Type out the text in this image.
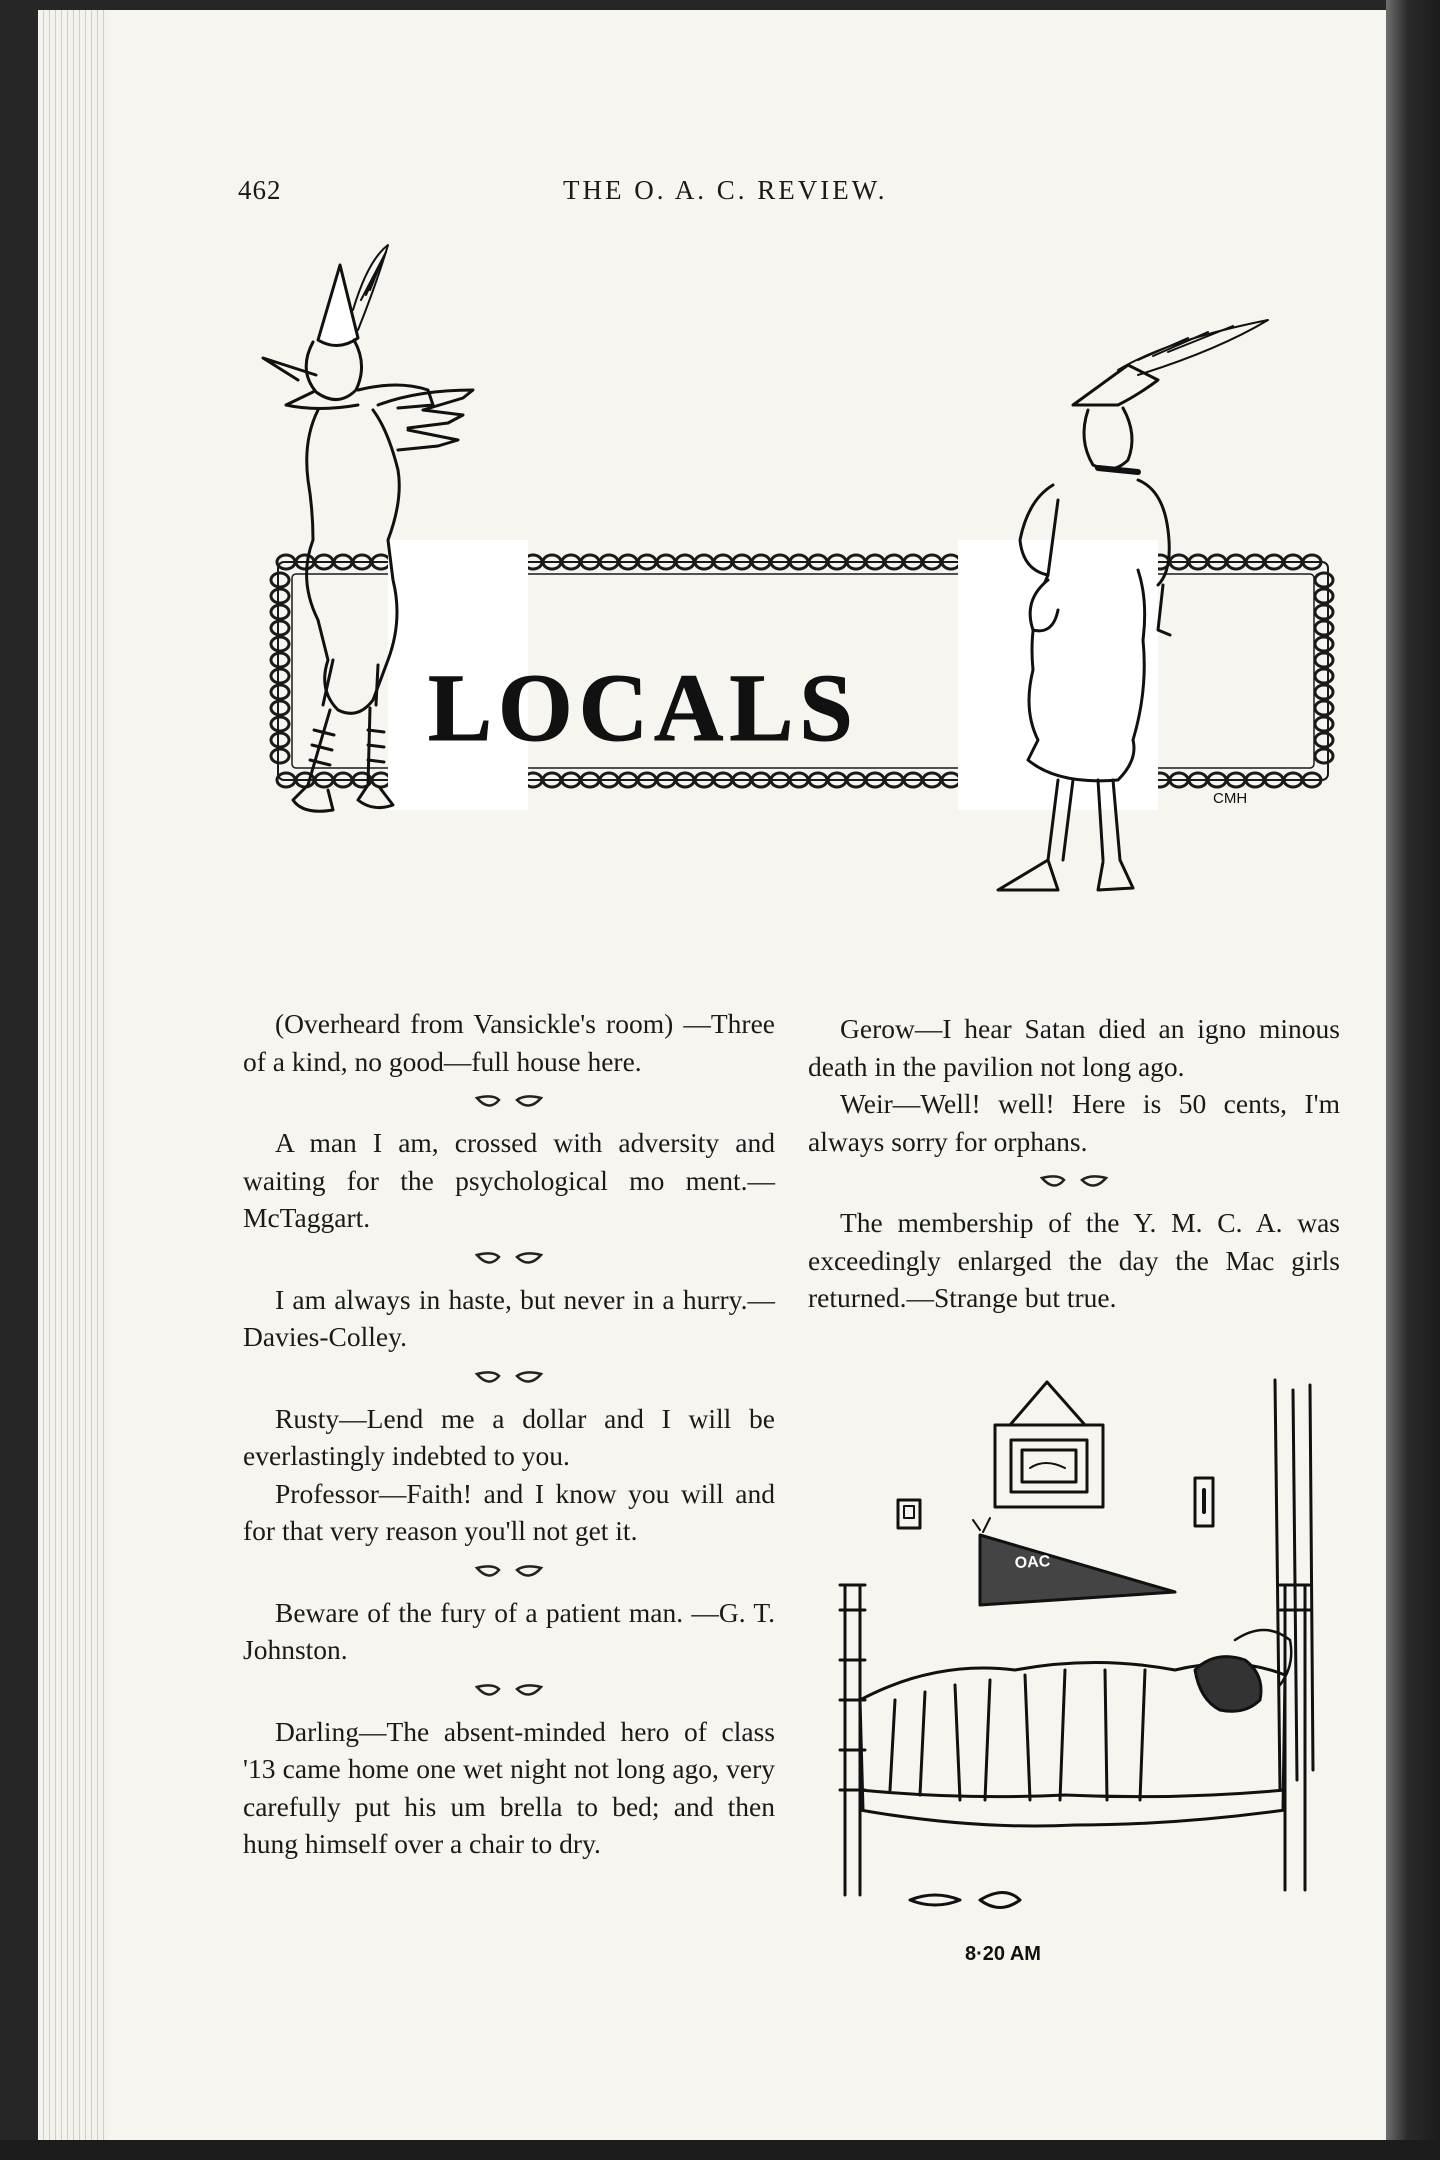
462	THE O. A. C. REVIEW.
LOCALS
CMH

(Overheard from Vansickle's room) —Three of a kind, no good—full house here.

A man I am, crossed with adversity and waiting for the psychological mo ment.—McTaggart.

I am always in haste, but never in a hurry.—Davies-Colley.

Rusty—Lend me a dollar and I will be everlastingly indebted to you.

Professor—Faith! and I know you will and for that very reason you'll not get it.

Beware of the fury of a patient man. —G. T. Johnston.

Darling—The absent-minded hero of class '13 came home one wet night not long ago, very carefully put his um brella to bed; and then hung himself over a chair to dry.

Gerow—I hear Satan died an igno minous death in the pavilion not long ago.

Weir—Well! well! Here is 50 cents, I'm always sorry for orphans.

The membership of the Y. M. C. A. was exceedingly enlarged the day the Mac girls returned.—Strange but true.

OAC
8·20 AM
